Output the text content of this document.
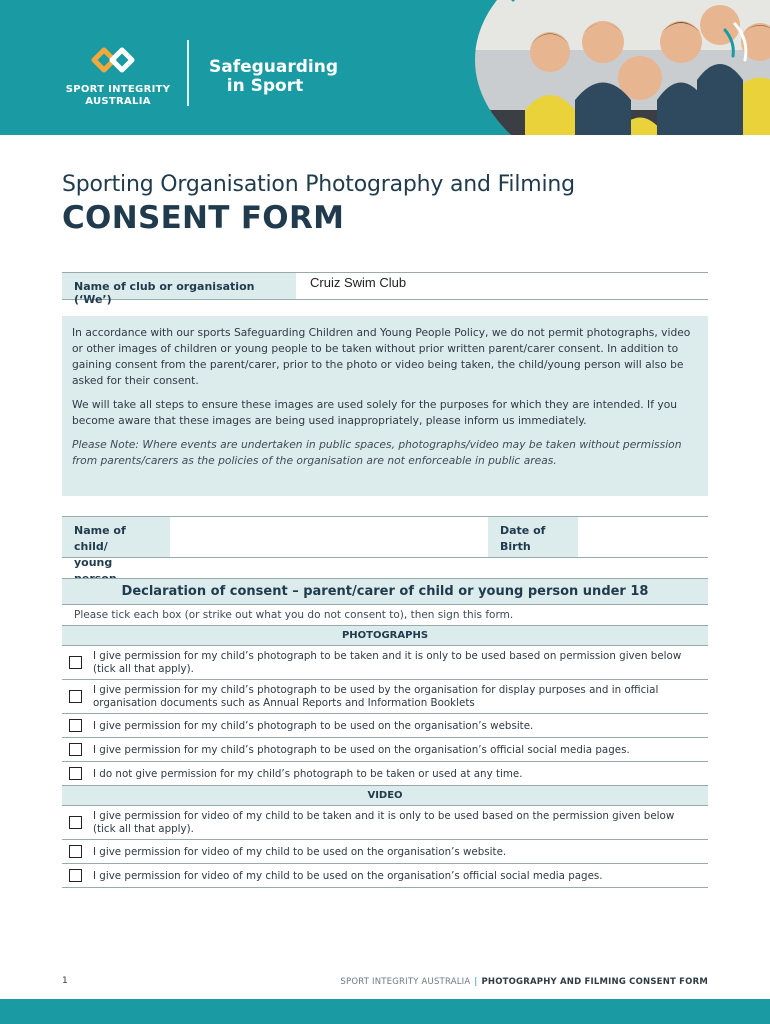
SPORT INTEGRITY
AUSTRALIA
Safeguarding
in Sport
Sporting Organisation Photography and Filming
CONSENT FORM
Name of club or organisation (‘We’)
Cruiz Swim Club

In accordance with our sports Safeguarding Children and Young People Policy, we do not permit photographs, video or other images of children or young people to be taken without prior written parent/carer consent. In addition to gaining consent from the parent/carer, prior to the photo or video being taken, the child/young person will also be asked for their consent.

We will take all steps to ensure these images are used solely for the purposes for which they are intended. If you become aware that these images are being used inappropriately, please inform us immediately.

Please Note: Where events are undertaken in public spaces, photographs/video may be taken without permission from parents/carers as the policies of the organisation are not enforceable in public areas.

Name of child/
young
Date of
Birth
Declaration of consent – parent/carer of child or young person under 18
Please tick each box (or strike out what you do not consent to), then sign this form.
PHOTOGRAPHS
I give permission for my child’s photograph to be taken and it is only to be used based on permission given below (tick all that apply).
I give permission for my child’s photograph to be used by the organisation for display purposes and in official organisation documents such as Annual Reports and Information Booklets
I give permission for my child’s photograph to be used on the organisation’s website.
I give permission for my child’s photograph to be used on the organisation’s official social media pages.
I do not give permission for my child’s photograph to be taken or used at any time.
VIDEO
I give permission for video of my child to be taken and it is only to be used based on the permission given below (tick all that apply).
I give permission for video of my child to be used on the organisation’s website.
I give permission for video of my child to be used on the organisation’s official social media pages.
1	SPORT INTEGRITY AUSTRALIA | PHOTOGRAPHY AND FILMING CONSENT FORM
